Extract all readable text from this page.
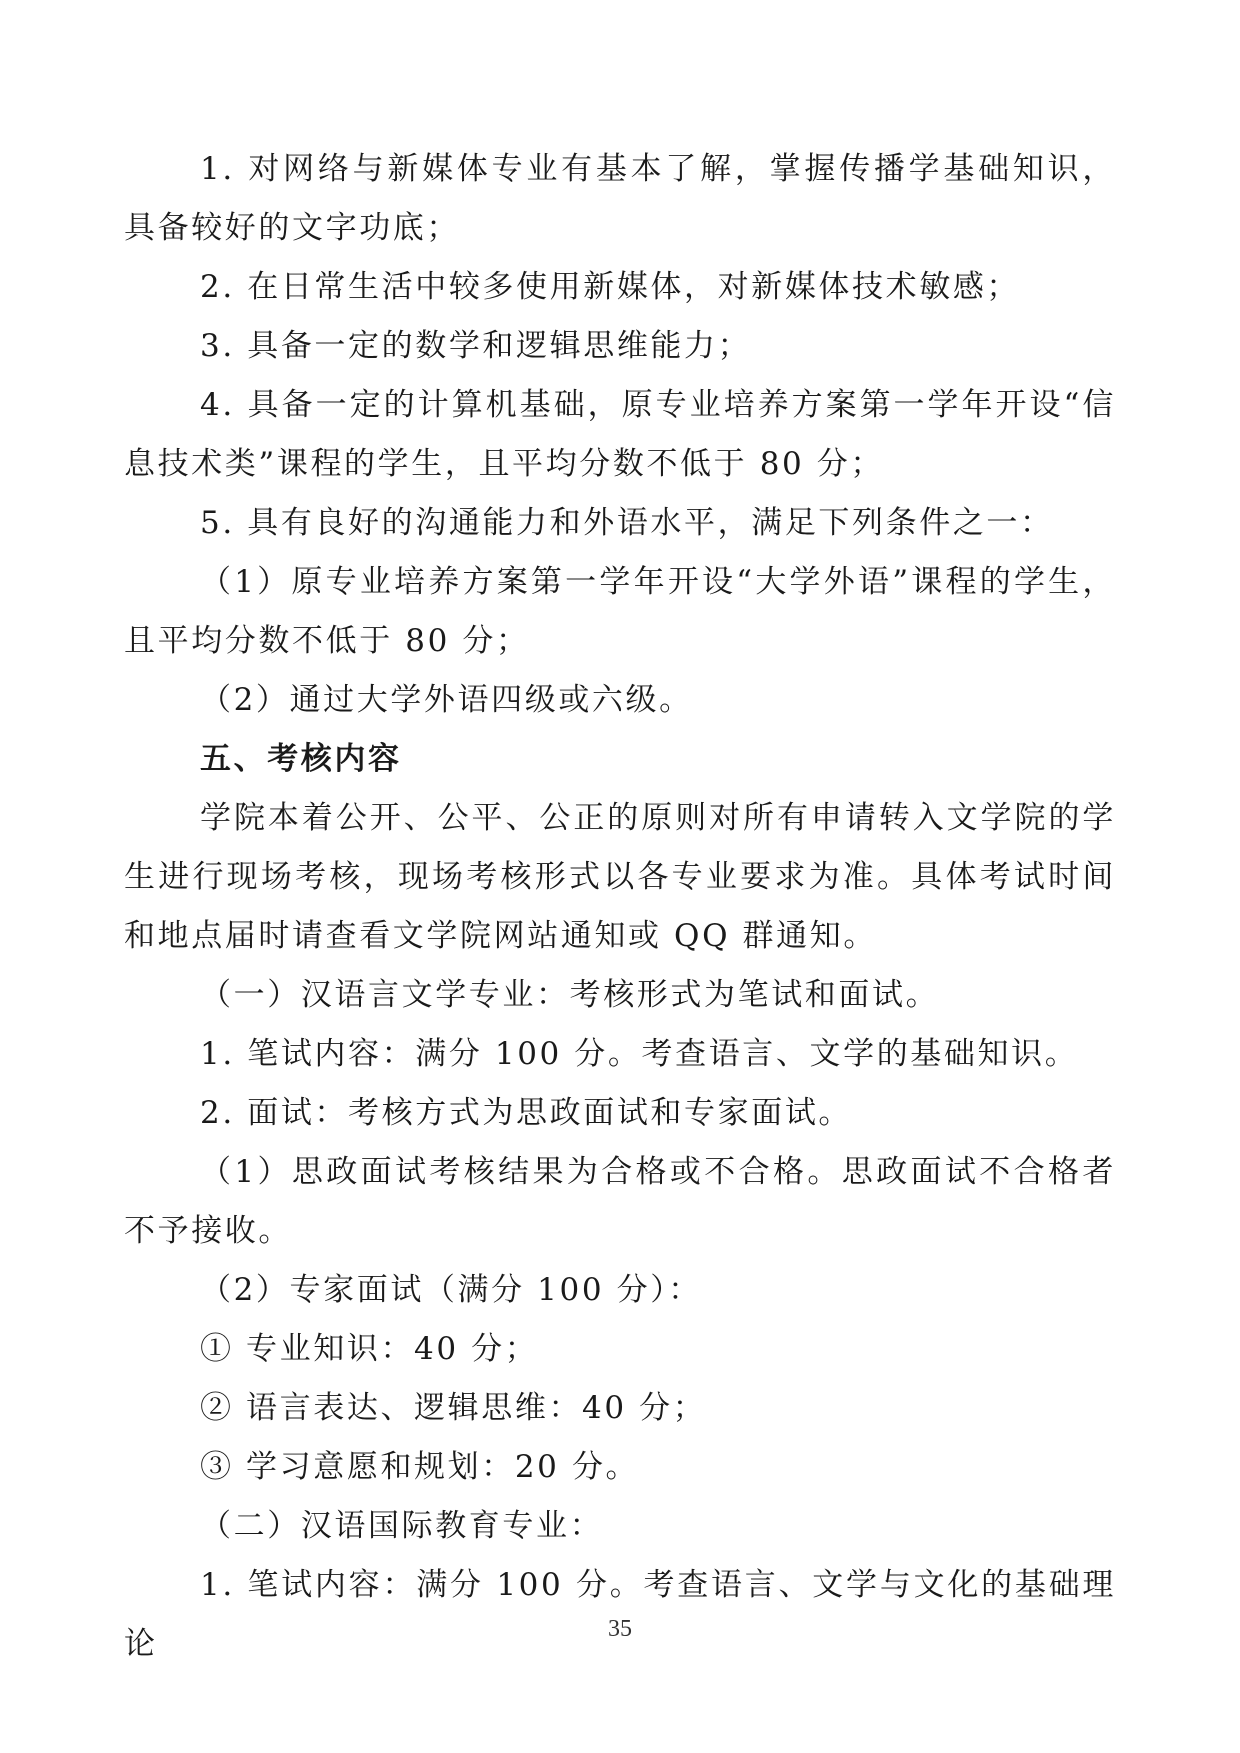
1. 对网络与新媒体专业有基本了解，掌握传播学基础知识，具备较好的文字功底；

2. 在日常生活中较多使用新媒体，对新媒体技术敏感；

3. 具备一定的数学和逻辑思维能力；

4. 具备一定的计算机基础，原专业培养方案第一学年开设“信息技术类”课程的学生，且平均分数不低于 80 分；

5. 具有良好的沟通能力和外语水平，满足下列条件之一：

（1）原专业培养方案第一学年开设“大学外语”课程的学生，且平均分数不低于 80 分；

（2）通过大学外语四级或六级。

五、考核内容

学院本着公开、公平、公正的原则对所有申请转入文学院的学生进行现场考核，现场考核形式以各专业要求为准。具体考试时间和地点届时请查看文学院网站通知或 QQ 群通知。

（一）汉语言文学专业：考核形式为笔试和面试。

1. 笔试内容：满分 100 分。考查语言、文学的基础知识。

2. 面试：考核方式为思政面试和专家面试。

（1）思政面试考核结果为合格或不合格。思政面试不合格者不予接收。

（2）专家面试（满分 100 分）：

① 专业知识：40 分；

② 语言表达、逻辑思维：40 分；

③ 学习意愿和规划：20 分。

（二）汉语国际教育专业：

1. 笔试内容：满分 100 分。考查语言、文学与文化的基础理论	35
